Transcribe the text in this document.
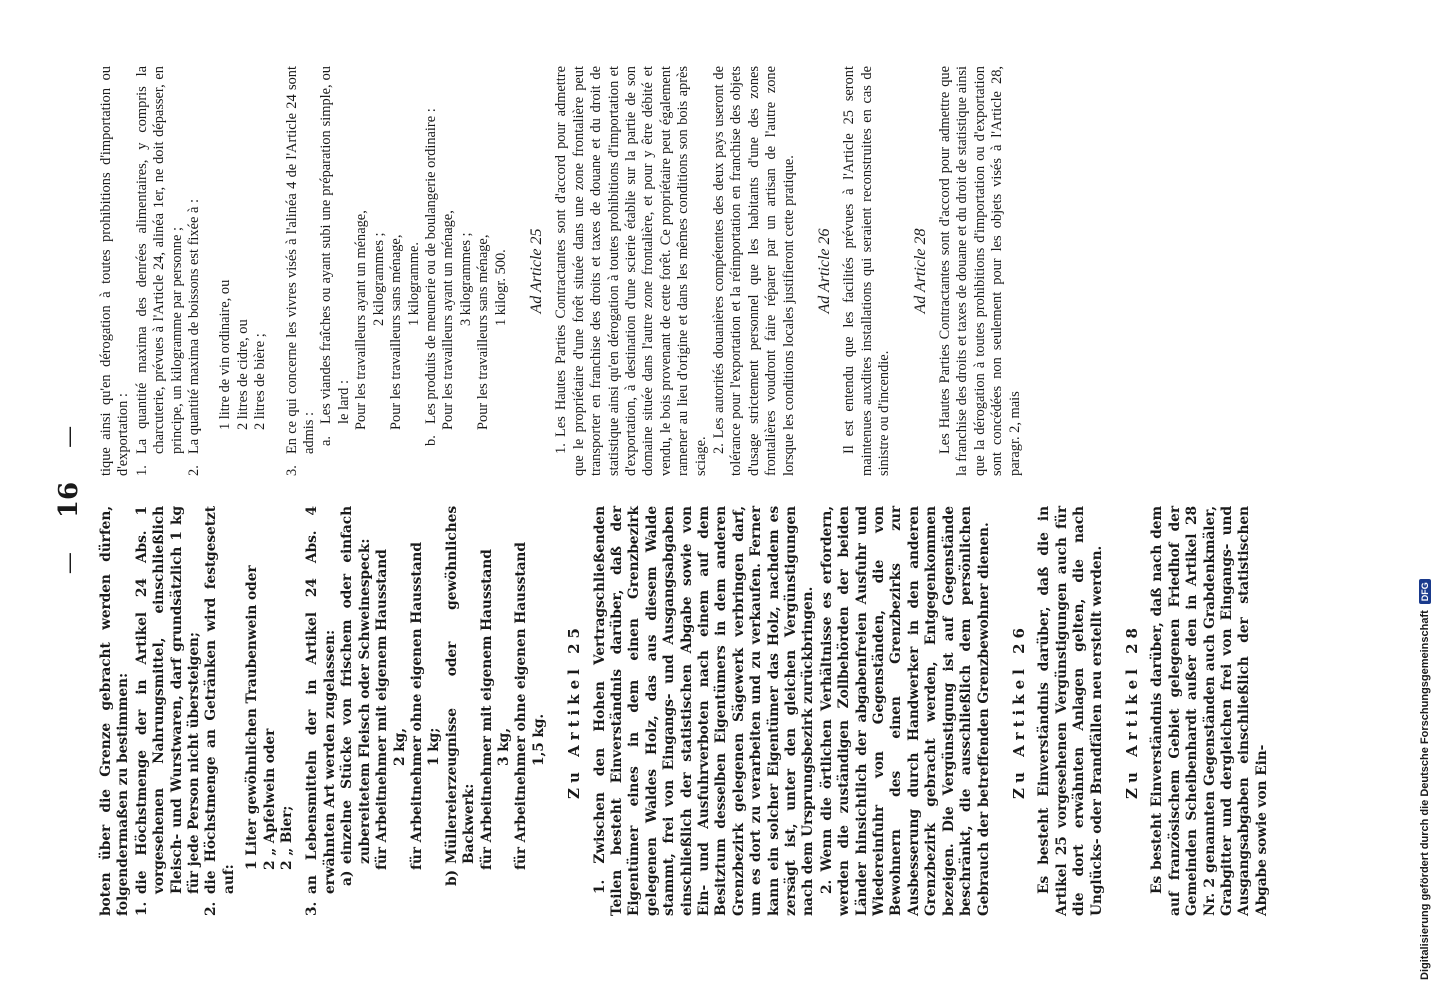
—
16
—

boten über die Grenze gebracht werden dürfen, folgendermaßen zu bestimmen: 1.
die Höchstmenge der in Artikel 24 Abs. 1 vorgesehenen Nahrungsmittel, einschließlich Fleisch- und Wurstwaren, darf grundsätzlich 1 kg für jede Person nicht übersteigen;
2.
die Höchstmenge an Getränken wird festgesetzt auf:
1 Liter gewöhnlichen Traubenwein oder 2 „ Apfelwein oder 2 „ Bier;
3.
an Lebensmitteln der in Artikel 24 Abs. 4 erwähnten Art werden zugelassen: a)
einzelne Stücke von frischem oder einfach zubereitetem Fleisch oder Schweinespeck: für Arbeitnehmer mit eigenem Hausstand 2 kg, für Arbeitnehmer ohne eigenen Hausstand 1 kg;
b)
Müllereierzeugnisse oder gewöhnliches Backwerk: für Arbeitnehmer mit eigenem Hausstand 3 kg, für Arbeitnehmer ohne eigenen Hausstand 1,5 kg. Zu Artikel 25 1. Zwischen den Hohen Vertragschließenden Teilen besteht Einverständnis darüber, daß der Eigentümer eines in dem einen Grenzbezirk gelegenen Waldes Holz, das aus diesem Walde stammt, frei von Eingangs- und Ausgangsabgaben einschließlich der statistischen Abgabe sowie von Ein- und Ausfuhrverboten nach einem auf dem Besitztum desselben Eigentümers in dem anderen Grenzbezirk gelegenen Sägewerk verbringen darf, um es dort zu verarbeiten und zu verkaufen. Ferner kann ein solcher Eigentümer das Holz, nachdem es zersägt ist, unter den gleichen Vergünstigungen nach dem Ursprungsbezirk zurückbringen. 2. Wenn die örtlichen Verhältnisse es erfordern, werden die zuständigen Zollbehörden der beiden Länder hinsichtlich der abgabenfreien Ausfuhr und Wiedereinfuhr von Gegenständen, die von Bewohnern des einen Grenzbezirks zur Ausbesserung durch Handwerker in den anderen Grenzbezirk gebracht werden, Entgegenkommen bezeigen. Die Vergünstigung ist auf Gegenstände beschränkt, die ausschließlich dem persönlichen Gebrauch der betreffenden Grenzbewohner dienen. Zu Artikel 26 Es besteht Einverständnis darüber, daß die in Artikel 25 vorgesehenen Vergünstigungen auch für die dort erwähnten Anlagen gelten, die nach Unglücks- oder Brandfällen neu erstellt werden. Zu Artikel 28 Es besteht Einverständnis darüber, daß nach dem auf französischem Gebiet gelegenen Friedhof der Gemeinden Scheibenhardt außer den in Artikel 28 Nr. 2 genannten Gegenständen auch Grabdenkmäler, Grabgitter und dergleichen frei von Eingangs- und Ausgangsabgaben einschließlich der statistischen Abgabe sowie von Ein-

tique ainsi qu'en dérogation à toutes prohibitions d'importation ou d'exportation : 1.
La quantité maxima des denrées alimentaires, y compris la charcuterie, prévues à l'Article 24, alinéa 1er, ne doit dépasser, en principe, un kilogramme par personne ;
2.
La quantité maxima de boissons est fixée à : 1 litre de vin ordinaire, ou 2 litres de cidre, ou 2 litres de bière ;
3.
En ce qui concerne les vivres visés à l'alinéa 4 de l'Article 24 sont admis : a.
Les viandes fraîches ou ayant subi une préparation simple, ou le lard : Pour les travailleurs ayant un ménage, 2 kilogrammes ; Pour les travailleurs sans ménage, 1 kilogramme.
b.
Les produits de meunerie ou de boulangerie ordinaire : Pour les travailleurs ayant un ménage, 3 kilogrammes ; Pour les travailleurs sans ménage, 1 kilogr. 500. Ad Article 25 1. Les Hautes Parties Contractantes sont d'accord pour admettre que le propriétaire d'une forêt située dans une zone frontalière peut transporter en franchise des droits et taxes de douane et du droit de statistique ainsi qu'en dérogation à toutes prohibitions d'importation et d'exportation, à destination d'une scierie établie sur la partie de son domaine située dans l'autre zone frontalière, et pour y être débité et vendu, le bois provenant de cette forêt. Ce propriétaire peut également ramener au lieu d'origine et dans les mêmes conditions son bois après sciage.

2. Les autorités douanières compétentes des deux pays useront de tolérance pour l'exportation et la réimportation en franchise des objets d'usage strictement personnel que les habitants d'une des zones frontalières voudront faire réparer par un artisan de l'autre zone lorsque les conditions locales justifieront cette pratique. Ad Article 26 Il est entendu que les facilités prévues à l'Article 25 seront maintenues auxdites installations qui seraient reconstruites en cas de sinistre ou d'incendie.

Ad Article 28 Les Hautes Parties Contractantes sont d'accord pour admettre que la franchise des droits et taxes de douane et du droit de statistique ainsi que la dérogation à toutes prohibitions d'importation ou d'exportation sont concédées non seulement pour les objets visés à l'Article 28, paragr. 2, mais

Digitalisierung gefördert durch die Deutsche Forschungsgemeinschaft
DFG
